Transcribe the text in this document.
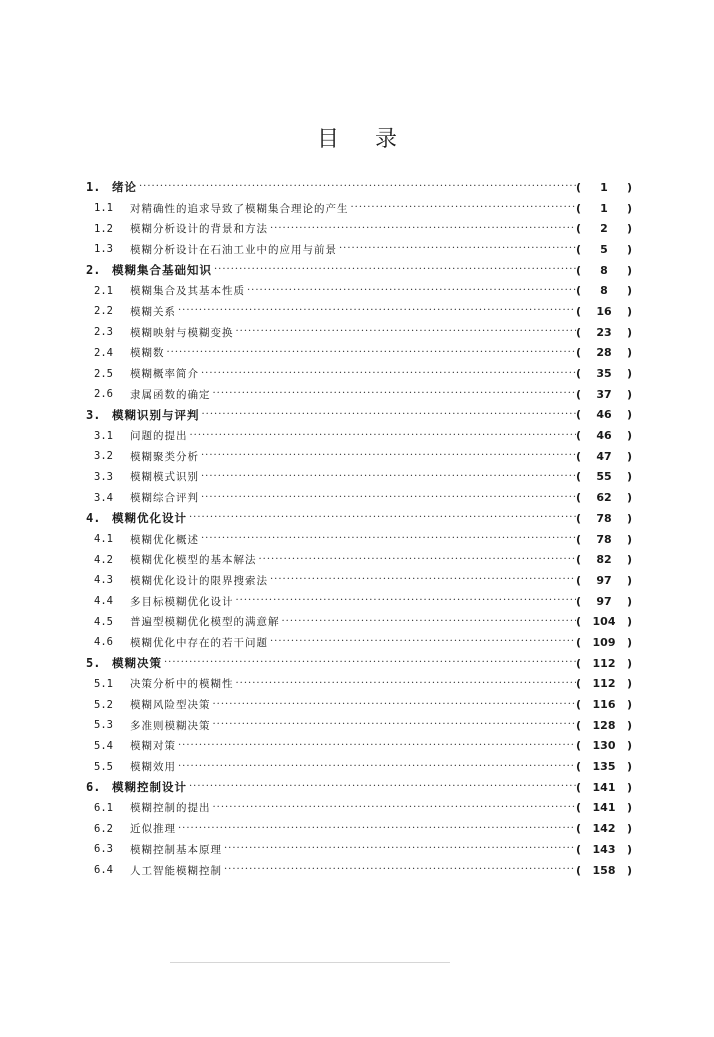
目 录
1.	绪论 ·····	(	1	)
1.1	对精确性的追求导致了模糊集合理论的产生 ·····	(	1	)
1.2	模糊分析设计的背景和方法 ·····	(	2	)
1.3	模糊分析设计在石油工业中的应用与前景 ·····	(	5	)
2.	模糊集合基础知识 ·····	(	8	)
2.1	模糊集合及其基本性质 ·····	(	8	)
2.2	模糊关系 ·····	(	16	)
2.3	模糊映射与模糊变换 ·····	(	23	)
2.4	模糊数 ·····	(	28	)
2.5	模糊概率简介 ·····	(	35	)
2.6	隶属函数的确定 ·····	(	37	)
3.	模糊识别与评判 ·····	(	46	)
3.1	问题的提出 ·····	(	46	)
3.2	模糊聚类分析 ·····	(	47	)
3.3	模糊模式识别 ·····	(	55	)
3.4	模糊综合评判 ·····	(	62	)
4.	模糊优化设计 ·····	(	78	)
4.1	模糊优化概述 ·····	(	78	)
4.2	模糊优化模型的基本解法 ·····	(	82	)
4.3	模糊优化设计的限界搜索法 ·····	(	97	)
4.4	多目标模糊优化设计 ·····	(	97	)
4.5	普遍型模糊优化模型的满意解 ·····	(	104	)
4.6	模糊优化中存在的若干问题 ·····	(	109	)
5.	模糊决策 ·····	(	112	)
5.1	决策分析中的模糊性 ·····	(	112	)
5.2	模糊风险型决策 ·····	(	116	)
5.3	多准则模糊决策 ·····	(	128	)
5.4	模糊对策 ·····	(	130	)
5.5	模糊效用 ·····	(	135	)
6.	模糊控制设计 ·····	(	141	)
6.1	模糊控制的提出 ·····	(	141	)
6.2	近似推理 ·····	(	142	)
6.3	模糊控制基本原理 ·····	(	143	)
6.4	人工智能模糊控制 ·····	(	158	)
